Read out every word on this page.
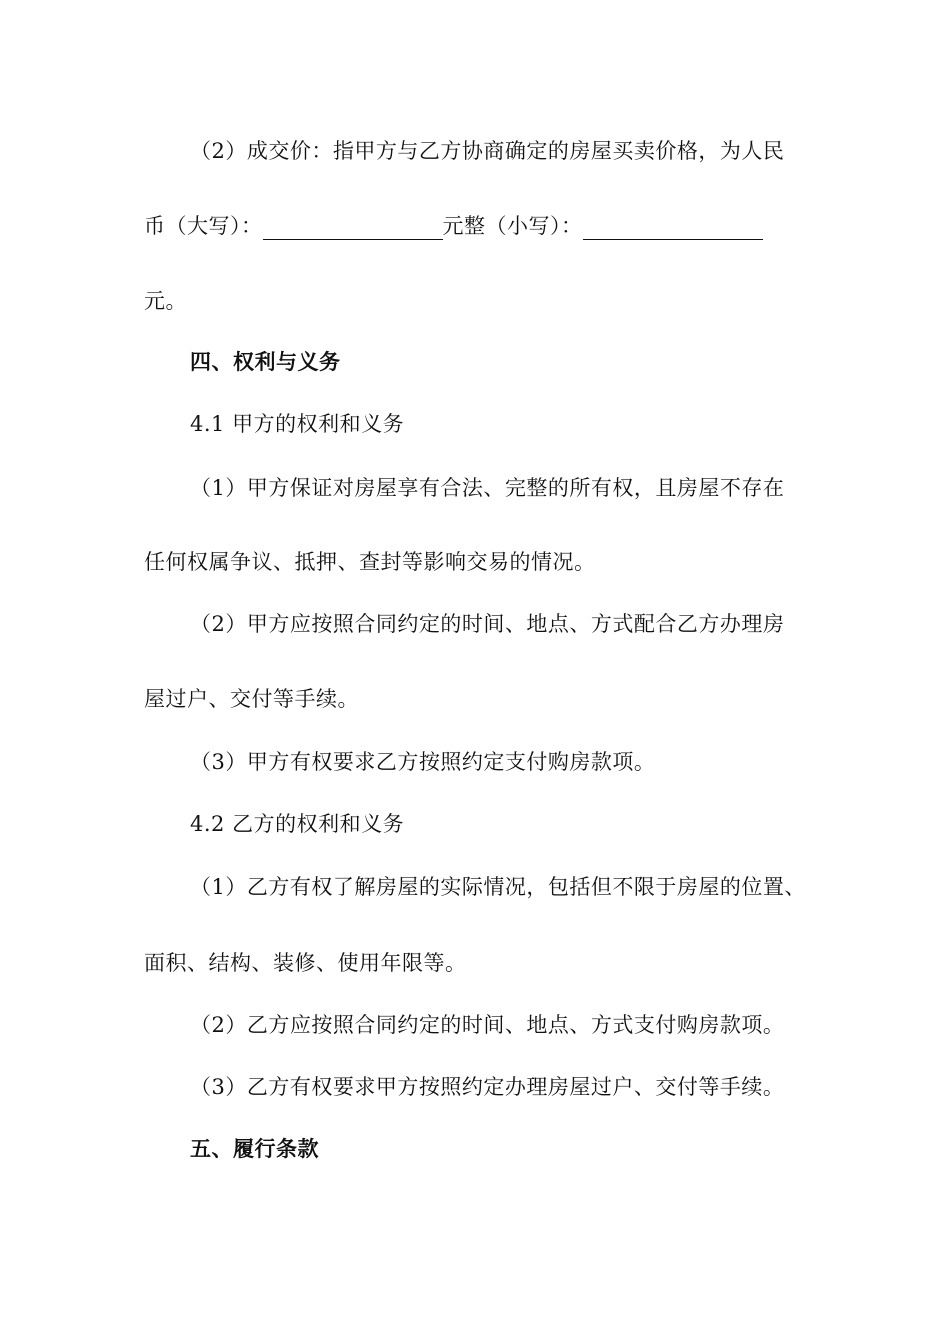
（2）成交价：指甲方与乙方协商确定的房屋买卖价格，为人民
币（大写）：	元整（小写）：
元。
四、权利与义务
4.1 甲方的权利和义务
（1）甲方保证对房屋享有合法、完整的所有权，且房屋不存在
任何权属争议、抵押、查封等影响交易的情况。
（2）甲方应按照合同约定的时间、地点、方式配合乙方办理房
屋过户、交付等手续。
（3）甲方有权要求乙方按照约定支付购房款项。
4.2 乙方的权利和义务
（1）乙方有权了解房屋的实际情况，包括但不限于房屋的位置、
面积、结构、装修、使用年限等。
（2）乙方应按照合同约定的时间、地点、方式支付购房款项。
（3）乙方有权要求甲方按照约定办理房屋过户、交付等手续。
五、履行条款
